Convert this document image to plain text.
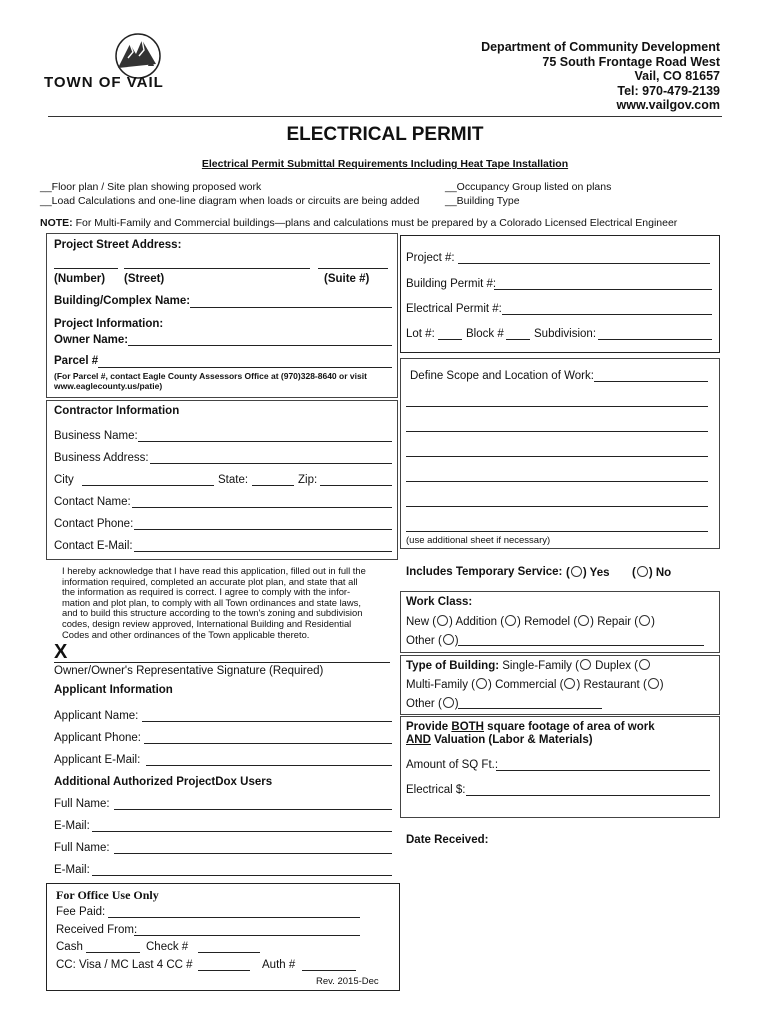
TOWN OF VAIL
Department of Community Development
75 South Frontage Road West
Vail, CO 81657
Tel: 970-479-2139
www.vailgov.com
ELECTRICAL PERMIT
Electrical Permit Submittal Requirements Including Heat Tape Installation
__Floor plan / Site plan showing proposed work
__Load Calculations and one-line diagram when loads or circuits are being added
__Occupancy Group listed on plans
__Building Type
NOTE: For Multi-Family and Commercial buildings—plans and calculations must be prepared by a Colorado Licensed Electrical Engineer
Project Street Address:
(Number) (Street)	(Suite #)
Building/Complex Name:
Project Information:
Owner Name:
Parcel #
(For Parcel #, contact Eagle County Assessors Office at (970)328-8640 or visit
www.eaglecounty.us/patie)
Contractor Information
Business Name:
Business Address:
City	State:	Zip:
Contact Name:
Contact Phone:
Contact E-Mail:
I hereby acknowledge that I have read this application, filled out in full the
information required, completed an accurate plot plan, and state that all
the information as required is correct. I agree to comply with the infor-
mation and plot plan, to comply with all Town ordinances and state laws,
and to build this structure according to the town's zoning and subdivision
codes, design review approved, International Building and Residential
Codes and other ordinances of the Town applicable thereto.
X
Owner/Owner's Representative Signature (Required)
Applicant Information
Applicant Name:
Applicant Phone:
Applicant E-Mail:
Additional Authorized ProjectDox Users
Full Name:
E-Mail:
Full Name:
E-Mail:
For Office Use Only
Fee Paid:
Received From:
Cash	Check #
CC: Visa / MC Last 4 CC #	Auth #
Rev. 2015-Dec
Project #:
Building Permit #:
Electrical Permit #:
Lot #:	Block #	Subdivision:
Define Scope and Location of Work:
(use additional sheet if necessary)
Includes Temporary Service: ( ) Yes ( ) No
Work Class:
New ( ) Addition ( ) Remodel ( ) Repair ( )
Other ( )
Type of Building: Single-Family ( Duplex (
Multi-Family ( ) Commercial ( ) Restaurant ( )
Other ( )
Provide BOTH square footage of area of work
AND Valuation (Labor & Materials)
Amount of SQ Ft.:
Electrical $:
Date Received:
